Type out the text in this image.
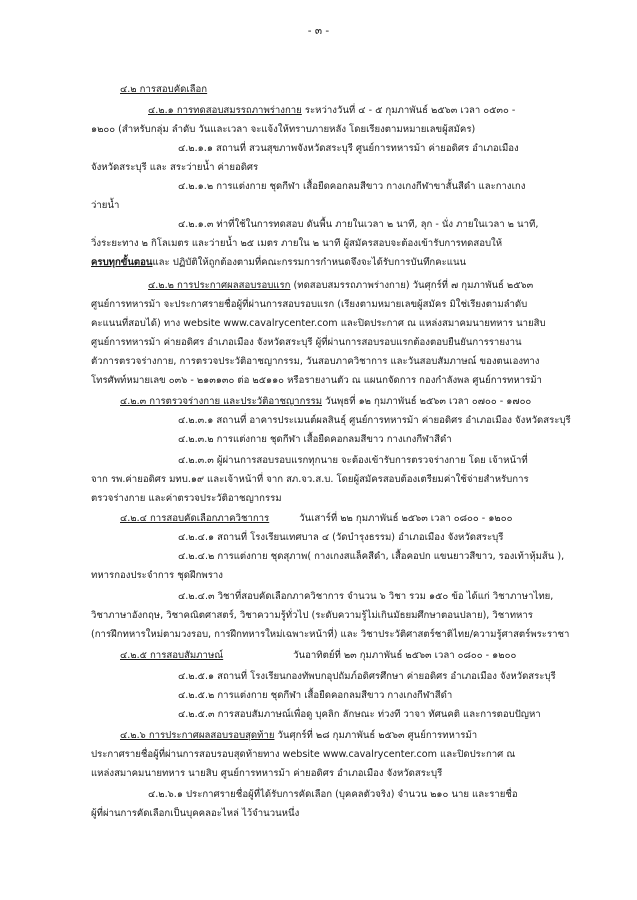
- ๓ -

๔.๒ การสอบคัดเลือก

๔.๒.๑ การทดสอบสมรรถภาพร่างกาย ระหว่างวันที่ ๔ - ๕ กุมภาพันธ์ ๒๕๖๓ เวลา ๐๕๓๐ -

๑๒๐๐ (สำหรับกลุ่ม ลำดับ วันและเวลา จะแจ้งให้ทราบภายหลัง โดยเรียงตามหมายเลขผู้สมัคร)

๔.๒.๑.๑ สถานที่ สวนสุขภาพจังหวัดสระบุรี ศูนย์การทหารม้า ค่ายอดิศร อำเภอเมือง

จังหวัดสระบุรี และ สระว่ายน้ำ ค่ายอดิศร

๔.๒.๑.๒ การแต่งกาย ชุดกีฬา เสื้อยืดคอกลมสีขาว กางเกงกีฬาขาสั้นสีดำ และกางเกง

ว่ายน้ำ

๔.๒.๑.๓ ท่าที่ใช้ในการทดสอบ ดันพื้น ภายในเวลา ๒ นาที, ลุก - นั่ง ภายในเวลา ๒ นาที,

วิ่งระยะทาง ๒ กิโลเมตร และว่ายน้ำ ๒๕ เมตร ภายใน ๒ นาที ผู้สมัครสอบจะต้องเข้ารับการทดสอบให้

ครบทุกขั้นตอนและ ปฏิบัติให้ถูกต้องตามที่คณะกรรมการกำหนดจึงจะได้รับการบันทึกคะแนน

๔.๒.๒ การประกาศผลสอบรอบแรก (ทดสอบสมรรถภาพร่างกาย) วันศุกร์ที่ ๗ กุมภาพันธ์ ๒๕๖๓

ศูนย์การทหารม้า จะประกาศรายชื่อผู้ที่ผ่านการสอบรอบแรก (เรียงตามหมายเลขผู้สมัคร มิใช่เรียงตามลำดับ

คะแนนที่สอบได้) ทาง website www.cavalrycenter.com และปิดประกาศ ณ แหล่งสมาคมนายทหาร นายสิบ

ศูนย์การทหารม้า ค่ายอดิศร อำเภอเมือง จังหวัดสระบุรี ผู้ที่ผ่านการสอบรอบแรกต้องตอบยืนยันการรายงาน

ตัวการตรวจร่างกาย, การตรวจประวัติอาชญากรรม, วันสอบภาควิชาการ และวันสอบสัมภาษณ์ ของตนเองทาง

โทรศัพท์หมายเลข ๐๓๖ - ๒๑๓๑๓๐ ต่อ ๒๕๑๑๐ หรือรายงานตัว ณ แผนกจัดการ กองกำลังพล ศูนย์การทหารม้า

๔.๒.๓ การตรวจร่างกาย และประวัติอาชญากรรม วันพุธที่ ๑๒ กุมภาพันธ์ ๒๕๖๓ เวลา ๐๗๐๐ - ๑๗๐๐

๔.๒.๓.๑ สถานที่ อาคารประเมนต์ผลสินธุ์ ศูนย์การทหารม้า ค่ายอดิศร อำเภอเมือง จังหวัดสระบุรี

๔.๒.๓.๒ การแต่งกาย ชุดกีฬา เสื้อยืดคอกลมสีขาว กางเกงกีฬาสีดำ

๔.๒.๓.๓ ผู้ผ่านการสอบรอบแรกทุกนาย จะต้องเข้ารับการตรวจร่างกาย โดย เจ้าหน้าที่

จาก รพ.ค่ายอดิศร มทบ.๑๙ และเจ้าหน้าที่ จาก สภ.จว.ส.บ. โดยผู้สมัครสอบต้องเตรียมค่าใช้จ่ายสำหรับการ

ตรวจร่างกาย และค่าตรวจประวัติอาชญากรรม

๔.๒.๔ การสอบคัดเลือกภาควิชาการ	วันเสาร์ที่ ๒๒ กุมภาพันธ์ ๒๕๖๓ เวลา ๐๘๐๐ - ๑๒๐๐

๔.๒.๔.๑ สถานที่ โรงเรียนเทศบาล ๔ (วัดบำรุงธรรม) อำเภอเมือง จังหวัดสระบุรี

๔.๒.๔.๒ การแต่งกาย ชุดสุภาพ( กางเกงสแล็คสีดำ, เสื้อคอปก แขนยาวสีขาว, รองเท้าหุ้มส้น ),

ทหารกองประจำการ ชุดฝึกพราง

๔.๒.๔.๓ วิชาที่สอบคัดเลือกภาควิชาการ จำนวน ๖ วิชา รวม ๑๕๐ ข้อ ได้แก่ วิชาภาษาไทย,

วิชาภาษาอังกฤษ, วิชาคณิตศาสตร์, วิชาความรู้ทั่วไป (ระดับความรู้ไม่เกินมัธยมศึกษาตอนปลาย), วิชาทหาร

(การฝึกทหารใหม่ตามวงรอบ, การฝึกทหารใหม่เฉพาะหน้าที่) และ วิชาประวัติศาสตร์ชาติไทย/ความรู้ศาสตร์พระราชา

๔.๒.๕ การสอบสัมภาษณ์	วันอาทิตย์ที่ ๒๓ กุมภาพันธ์ ๒๕๖๓ เวลา ๐๘๐๐ - ๑๒๐๐

๔.๒.๕.๑ สถานที่ โรงเรียนกองทัพบกอุปถัมภ์อดิศรศึกษา ค่ายอดิศร อำเภอเมือง จังหวัดสระบุรี

๔.๒.๕.๒ การแต่งกาย ชุดกีฬา เสื้อยืดคอกลมสีขาว กางเกงกีฬาสีดำ

๔.๒.๕.๓ การสอบสัมภาษณ์เพื่อดู บุคลิก ลักษณะ ท่วงที วาจา ทัศนคติ และการตอบปัญหา

๔.๒.๖ การประกาศผลสอบรอบสุดท้าย วันศุกร์ที่ ๒๘ กุมภาพันธ์ ๒๕๖๓ ศูนย์การทหารม้า

ประกาศรายชื่อผู้ที่ผ่านการสอบรอบสุดท้ายทาง website www.cavalrycenter.com และปิดประกาศ ณ

แหล่งสมาคมนายทหาร นายสิบ ศูนย์การทหารม้า ค่ายอดิศร อำเภอเมือง จังหวัดสระบุรี

๔.๒.๖.๑ ประกาศรายชื่อผู้ที่ได้รับการคัดเลือก (บุคคลตัวจริง) จำนวน ๒๑๐ นาย และรายชื่อ

ผู้ที่ผ่านการคัดเลือกเป็นบุคคลอะไหล่ ไว้จำนวนหนึ่ง
